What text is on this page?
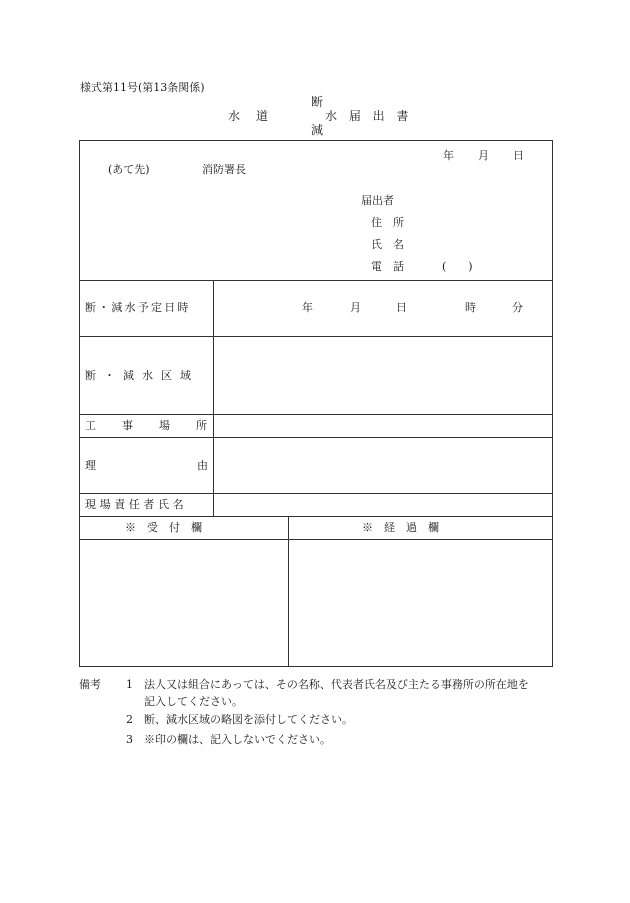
様式第11号(第13条関係)
水　道
断
減
水 届 出 書
年 月 日
(あて先)	消防署長
届出者
住　所
氏　名
電　話	(　　)
断・減水予定日時	年	月	日	時	分
断・減水区域
工事場所
理由
現場責任者氏名
※　受　付　欄	※　経　過　欄
備考 1 法人又は組合にあっては、その名称、代表者氏名及び主たる事務所の所在地を
記入してください。
2 断、減水区域の略図を添付してください。
3 ※印の欄は、記入しないでください。
